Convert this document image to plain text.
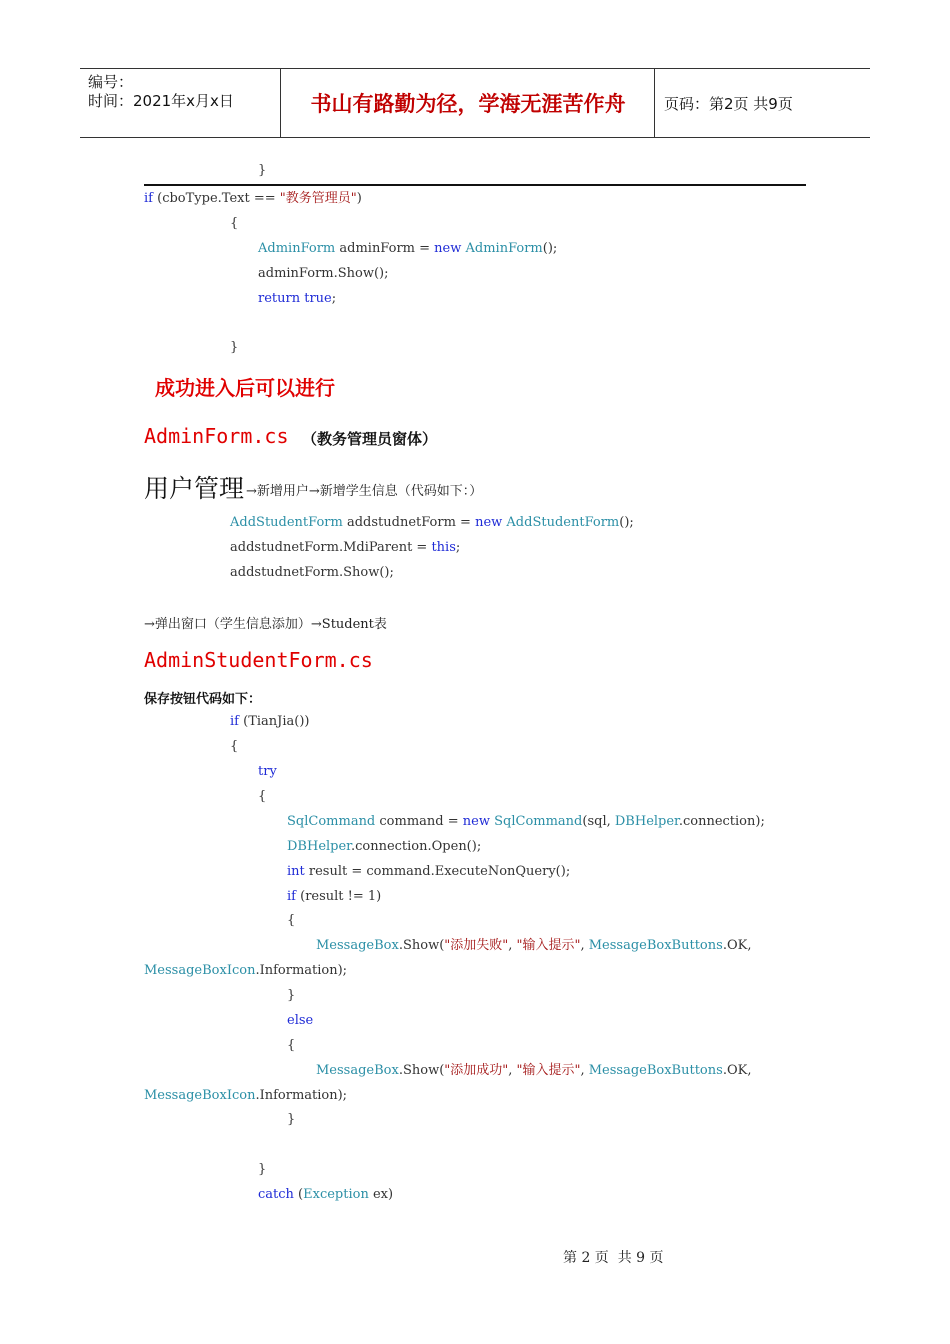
编号：
时间：2021年x月x日	书山有路勤为径，学海无涯苦作舟	页码：第2页 共9页
}
if (cboType.Text == "教务管理员")
{
AdminForm adminForm = new AdminForm();
adminForm.Show();
return true;
}
成功进入后可以进行
AdminForm.cs （教务管理员窗体）
用户管理 →新增用户→新增学生信息（代码如下：）
AddStudentForm addstudnetForm = new AddStudentForm();
addstudnetForm.MdiParent = this;
addstudnetForm.Show();
→弹出窗口（学生信息添加）→Student表
AdminStudentForm.cs
保存按钮代码如下：
if (TianJia())
{
try
{
SqlCommand command = new SqlCommand(sql, DBHelper.connection);
DBHelper.connection.Open();
int result = command.ExecuteNonQuery();
if (result != 1)
{
MessageBox.Show("添加失败", "输入提示", MessageBoxButtons.OK,
MessageBoxIcon.Information);
}
else
{
MessageBox.Show("添加成功", "输入提示", MessageBoxButtons.OK,
MessageBoxIcon.Information);
}
}
catch (Exception ex)
第 2 页  共 9 页
